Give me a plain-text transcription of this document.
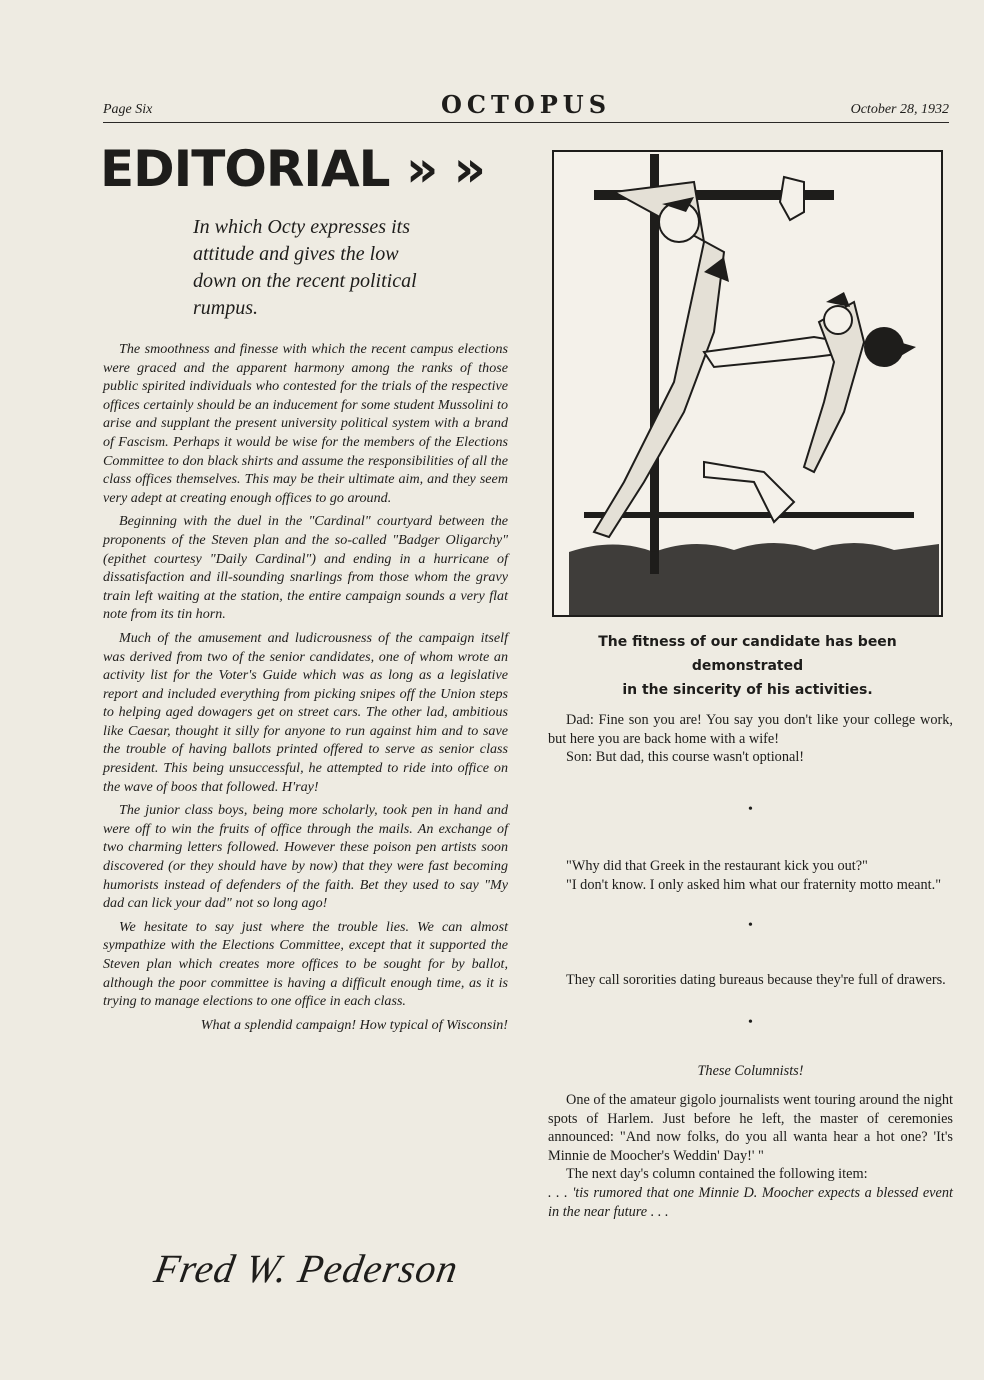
Page Six	OCTOPUS	October 28, 1932
EDITORIAL » »
In which Octy expresses its attitude and gives the low down on the recent political rumpus.

The smoothness and finesse with which the recent campus elections were graced and the apparent harmony among the ranks of those public spirited individuals who contested for the trials of the respective offices certainly should be an inducement for some student Mussolini to arise and supplant the present university political system with a brand of Fascism. Perhaps it would be wise for the members of the Elections Committee to don black shirts and assume the responsibilities of all the class offices themselves. This may be their ultimate aim, and they seem very adept at creating enough offices to go around.

Beginning with the duel in the "Cardinal" courtyard between the proponents of the Steven plan and the so-called "Badger Oligarchy" (epithet courtesy "Daily Cardinal") and ending in a hurricane of dissatisfaction and ill-sounding snarlings from those whom the gravy train left waiting at the station, the entire campaign sounds a very flat note from its tin horn.

Much of the amusement and ludicrousness of the campaign itself was derived from two of the senior candidates, one of whom wrote an activity list for the Voter's Guide which was as long as a legislative report and included everything from picking snipes off the Union steps to helping aged dowagers get on street cars. The other lad, ambitious like Caesar, thought it silly for anyone to run against him and to save the trouble of having ballots printed offered to serve as senior class president. This being unsuccessful, he attempted to ride into office on the wave of boos that followed. H'ray!

The junior class boys, being more scholarly, took pen in hand and were off to win the fruits of office through the mails. An exchange of two charming letters followed. However these poison pen artists soon discovered (or they should have by now) that they were fast becoming humorists instead of defenders of the faith. Bet they used to say "My dad can lick your dad" not so long ago!

We hesitate to say just where the trouble lies. We can almost sympathize with the Elections Committee, except that it supported the Steven plan which creates more offices to be sought for by ballot, although the poor committee is having a difficult enough time, as it is trying to manage elections to one office in each class.

What a splendid campaign! How typical of Wisconsin!

Fred W. Pederson
The fitness of our candidate has been demonstrated
in the sincerity of his activities.

Dad: Fine son you are! You say you don't like your college work, but here you are back home with a wife!

Son: But dad, this course wasn't optional!

•

"Why did that Greek in the restaurant kick you out?"

"I don't know. I only asked him what our fraternity motto meant."

•

They call sororities dating bureaus because they're full of drawers.

•

These Columnists!

One of the amateur gigolo journalists went touring around the night spots of Harlem. Just before he left, the master of ceremonies announced: "And now folks, do you all wanta hear a hot one? 'It's Minnie de Moocher's Weddin' Day!' "

The next day's column contained the following item:

. . . 'tis rumored that one Minnie D. Moocher expects a blessed event in the near future . . .
